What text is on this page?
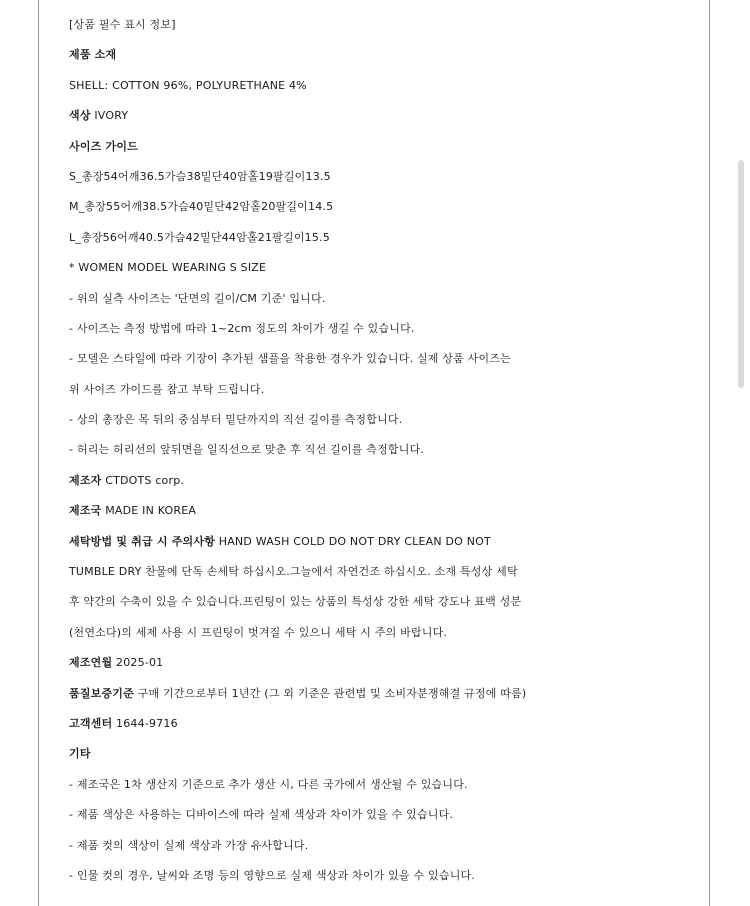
[상품 필수 표시 정보]
제품 소재
SHELL: COTTON 96%, POLYURETHANE 4%
색상 IVORY
사이즈 가이드
S_총장54어깨36.5가슴38밑단40암홀19팔길이13.5
M_총장55어깨38.5가슴40밑단42암홀20팔길이14.5
L_총장56어깨40.5가슴42밑단44암홀21팔길이15.5
* WOMEN MODEL WEARING S SIZE
- 위의 실측 사이즈는 '단면의 길이/CM 기준' 입니다.
- 사이즈는 측정 방법에 따라 1~2cm 정도의 차이가 생길 수 있습니다.
- 모델은 스타일에 따라 기장이 추가된 샘플을 착용한 경우가 있습니다. 실제 상품 사이즈는
위 사이즈 가이드를 참고 부탁 드립니다.
- 상의 총장은 목 뒤의 중심부터 밑단까지의 직선 길이를 측정합니다.
- 허리는 허리선의 앞뒤면을 일직선으로 맞춘 후 직선 길이를 측정합니다.
제조자 CTDOTS corp.
제조국 MADE IN KOREA
세탁방법 및 취급 시 주의사항 HAND WASH COLD DO NOT DRY CLEAN DO NOT
TUMBLE DRY 찬물에 단독 손세탁 하십시오.그늘에서 자연건조 하십시오. 소재 특성상 세탁
후 약간의 수축이 있을 수 있습니다.프린팅이 있는 상품의 특성상 강한 세탁 강도나 표백 성분
(천연소다)의 세제 사용 시 프린팅이 벗겨질 수 있으니 세탁 시 주의 바랍니다.
제조연월 2025-01
품질보증기준 구매 기간으로부터 1년간 (그 외 기준은 관련법 및 소비자분쟁해결 규정에 따름)
고객센터 1644-9716
기타
- 제조국은 1차 생산지 기준으로 추가 생산 시, 다른 국가에서 생산될 수 있습니다.
- 제품 색상은 사용하는 디바이스에 따라 실제 색상과 차이가 있을 수 있습니다.
- 제품 컷의 색상이 실제 색상과 가장 유사합니다.
- 인물 컷의 경우, 날씨와 조명 등의 영향으로 실제 색상과 차이가 있을 수 있습니다.
